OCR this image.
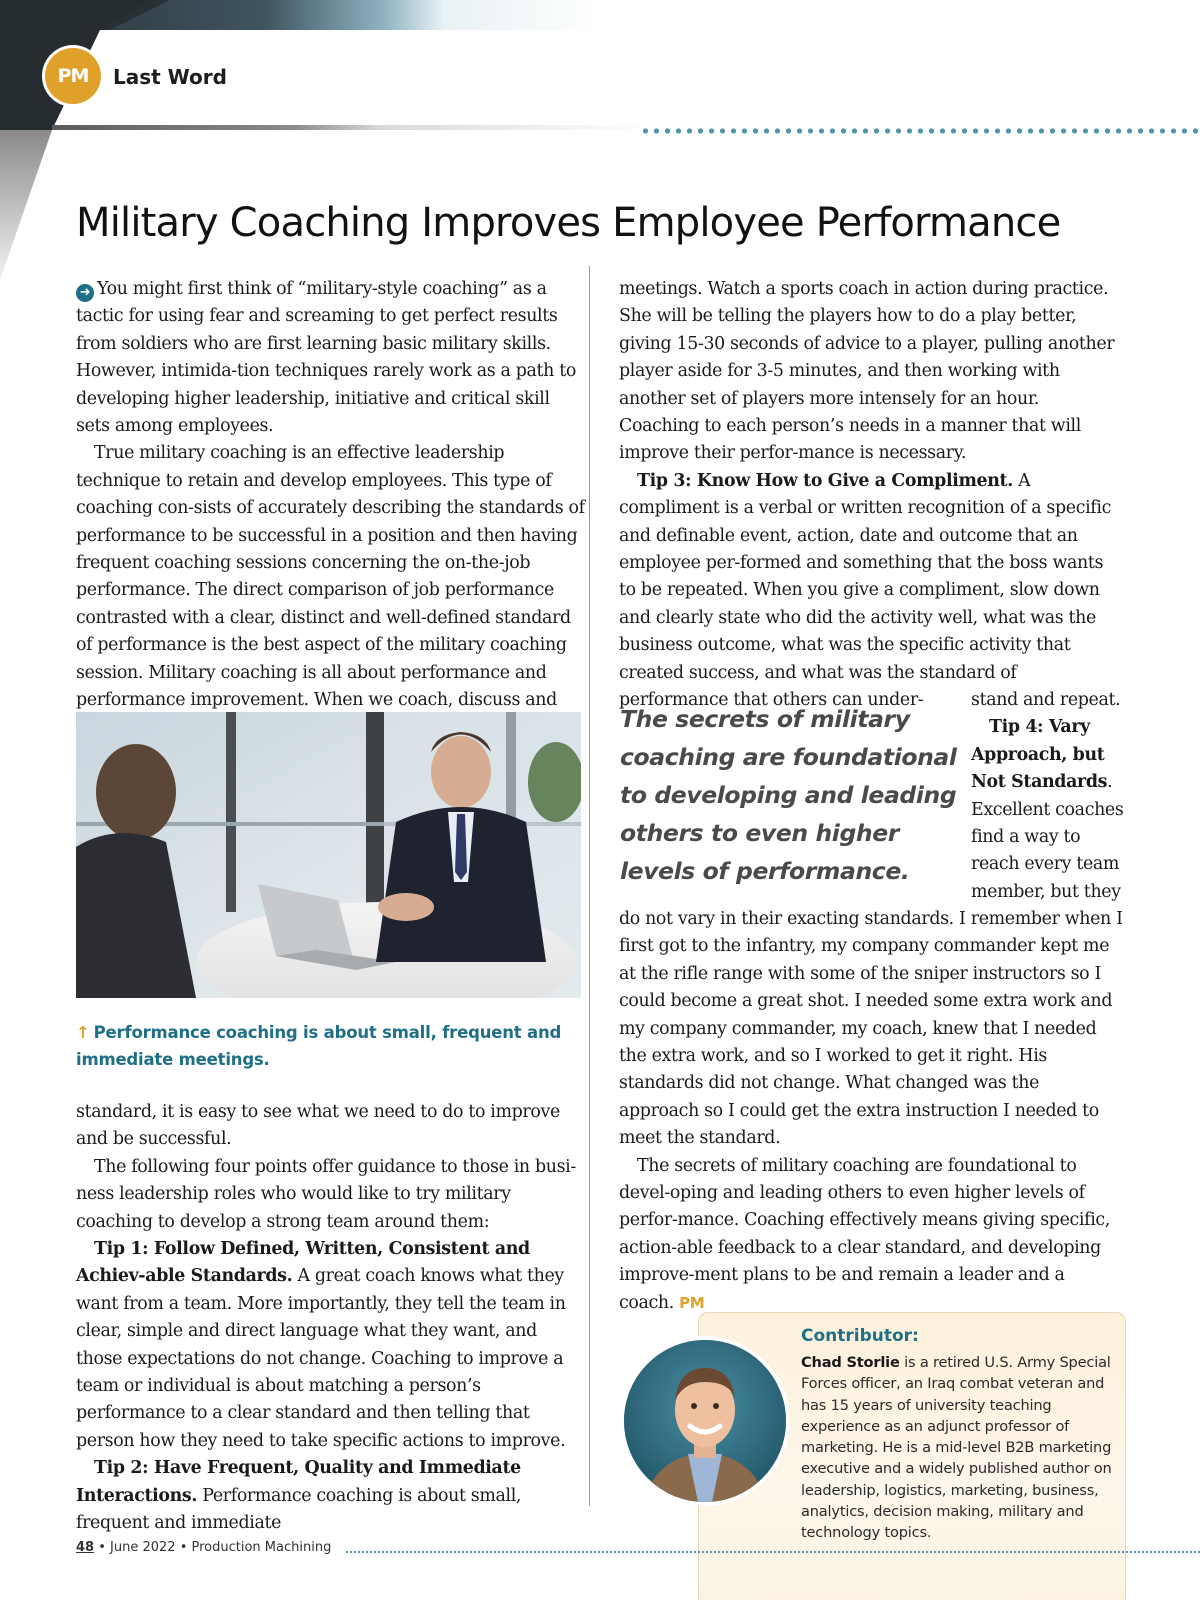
PM	Last Word
Military Coaching Improves Employee Performance

➜ You might first think of “military-style coaching” as a tactic for using fear and screaming to get perfect results from soldiers who are first learning basic military skills. However, intimida-tion techniques rarely work as a path to developing higher leadership, initiative and critical skill sets among employees.

True military coaching is an effective leadership technique to retain and develop employees. This type of coaching con-sists of accurately describing the standards of performance to be successful in a position and then having frequent coaching sessions concerning the on-the-job performance. The direct comparison of job performance contrasted with a clear, distinct and well-defined standard of performance is the best aspect of the military coaching session. Military coaching is all about performance and performance improvement. When we coach, discuss and

↑ Performance coaching is about small, frequent and immediate meetings.

standard, it is easy to see what we need to do to improve and be successful.

The following four points offer guidance to those in busi-ness leadership roles who would like to try military coaching to develop a strong team around them:

Tip 1: Follow Defined, Written, Consistent and Achiev-able Standards. A great coach knows what they want from a team. More importantly, they tell the team in clear, simple and direct language what they want, and those expectations do not change. Coaching to improve a team or individual is about matching a person’s performance to a clear standard and then telling that person how they need to take specific actions to improve.

Tip 2: Have Frequent, Quality and Immediate Interactions. Performance coaching is about small, frequent and immediate

meetings. Watch a sports coach in action during practice. She will be telling the players how to do a play better, giving 15-30 seconds of advice to a player, pulling another player aside for 3-5 minutes, and then working with another set of players more intensely for an hour. Coaching to each person’s needs in a manner that will improve their perfor-mance is necessary.

Tip 3: Know How to Give a Compliment. A compliment is a verbal or written recognition of a specific and definable event, action, date and outcome that an employee per-formed and something that the boss wants to be repeated. When you give a compliment, slow down and clearly state who did the activity well, what was the business outcome, what was the specific activity that created success, and what was the standard of performance that others can under-

The secrets of military coaching are foundational to developing and leading others to even higher levels of performance.

stand and repeat.

Tip 4: Vary Approach, but Not Standards. Excellent coaches find a way to reach every team member, but they

do not vary in their exacting standards. I remember when I first got to the infantry, my company commander kept me at the rifle range with some of the sniper instructors so I could become a great shot. I needed some extra work and my company commander, my coach, knew that I needed the extra work, and so I worked to get it right. His standards did not change. What changed was the approach so I could get the extra instruction I needed to meet the standard.

The secrets of military coaching are foundational to devel-oping and leading others to even higher levels of perfor-mance. Coaching effectively means giving specific, action-able feedback to a clear standard, and developing improve-ment plans to be and remain a leader and a coach. PM

Contributor:
Chad Storlie is a retired U.S. Army Special Forces officer, an Iraq combat veteran and has 15 years of university teaching experience as an adjunct professor of marketing. He is a mid-level B2B marketing executive and a widely published author on leadership, logistics, marketing, business, analytics, decision making, military and technology topics.
48 • June 2022 • Production Machining
